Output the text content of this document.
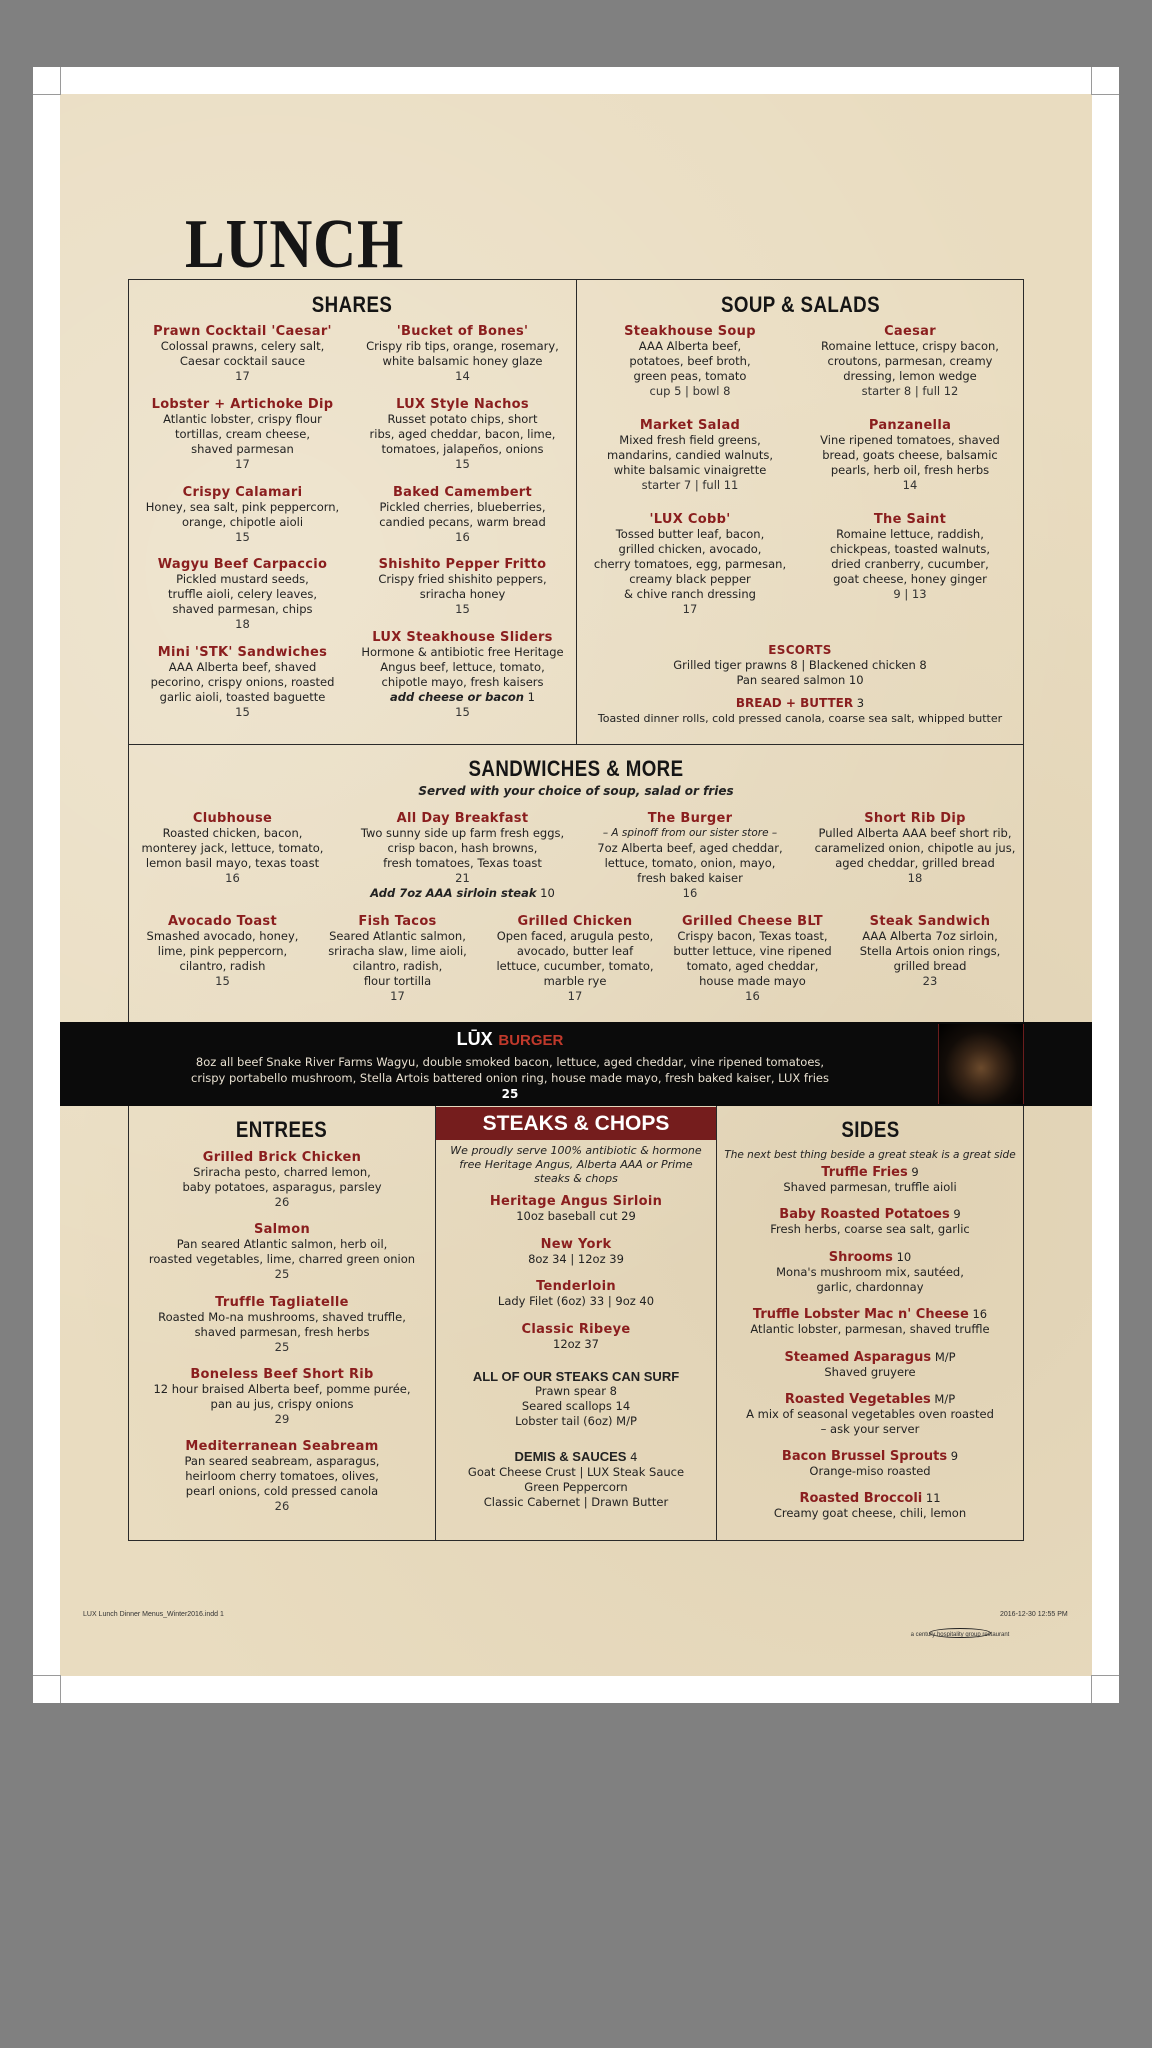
LUX Lunch Dinner Menus_Winter2016.indd 1	2016-12-30 12:55 PM
LUNCH
SHARES	SOUP & SALADS
Prawn Cocktail 'Caesar'
Colossal prawns, celery salt,
Caesar cocktail sauce
17
'Bucket of Bones'
Crispy rib tips, orange, rosemary,
white balsamic honey glaze
14
Lobster + Artichoke Dip
Atlantic lobster, crispy flour
tortillas, cream cheese,
shaved parmesan
17
LUX Style Nachos
Russet potato chips, short
ribs, aged cheddar, bacon, lime,
tomatoes, jalapeños, onions
15
Crispy Calamari
Honey, sea salt, pink peppercorn,
orange, chipotle aioli
15
Baked Camembert
Pickled cherries, blueberries,
candied pecans, warm bread
16
Wagyu Beef Carpaccio
Pickled mustard seeds,
truffle aioli, celery leaves,
shaved parmesan, chips
18
Shishito Pepper Fritto
Crispy fried shishito peppers,
sriracha honey
15
Mini 'STK' Sandwiches
AAA Alberta beef, shaved
pecorino, crispy onions, roasted
garlic aioli, toasted baguette
15
LUX Steakhouse Sliders
Hormone & antibiotic free Heritage
Angus beef, lettuce, tomato,
chipotle mayo, fresh kaisers
add cheese or bacon 1
15
Steakhouse Soup
AAA Alberta beef,
potatoes, beef broth,
green peas, tomato
cup 5 | bowl 8
Caesar
Romaine lettuce, crispy bacon,
croutons, parmesan, creamy
dressing, lemon wedge
starter 8 | full 12
Market Salad
Mixed fresh field greens,
mandarins, candied walnuts,
white balsamic vinaigrette
starter 7 | full 11
Panzanella
Vine ripened tomatoes, shaved
bread, goats cheese, balsamic
pearls, herb oil, fresh herbs
14
'LUX Cobb'
Tossed butter leaf, bacon,
grilled chicken, avocado,
cherry tomatoes, egg, parmesan,
creamy black pepper
& chive ranch dressing
17
The Saint
Romaine lettuce, raddish,
chickpeas, toasted walnuts,
dried cranberry, cucumber,
goat cheese, honey ginger
9 | 13
ESCORTS
Grilled tiger prawns 8 | Blackened chicken 8
Pan seared salmon 10
BREAD + BUTTER 3
Toasted dinner rolls, cold pressed canola, coarse sea salt, whipped butter
SANDWICHES & MORE
Served with your choice of soup, salad or fries
Clubhouse
Roasted chicken, bacon,
monterey jack, lettuce, tomato,
lemon basil mayo, texas toast
16
All Day Breakfast
Two sunny side up farm fresh eggs,
crisp bacon, hash browns,
fresh tomatoes, Texas toast
21
Add 7oz AAA sirloin steak 10
The Burger
– A spinoff from our sister store –
7oz Alberta beef, aged cheddar,
lettuce, tomato, onion, mayo,
fresh baked kaiser
16
Short Rib Dip
Pulled Alberta AAA beef short rib,
caramelized onion, chipotle au jus,
aged cheddar, grilled bread
18
Avocado Toast
Smashed avocado, honey,
lime, pink peppercorn,
cilantro, radish
15
Fish Tacos
Seared Atlantic salmon,
sriracha slaw, lime aioli,
cilantro, radish,
flour tortilla
17
Grilled Chicken
Open faced, arugula pesto,
avocado, butter leaf
lettuce, cucumber, tomato,
marble rye
17
Grilled Cheese BLT
Crispy bacon, Texas toast,
butter lettuce, vine ripened
tomato, aged cheddar,
house made mayo
16
Steak Sandwich
AAA Alberta 7oz sirloin,
Stella Artois onion rings,
grilled bread
23
LŪX BURGER
8oz all beef Snake River Farms Wagyu, double smoked bacon, lettuce, aged cheddar, vine ripened tomatoes,
crispy portabello mushroom, Stella Artois battered onion ring, house made mayo, fresh baked kaiser, LUX fries
25
ENTREES
Grilled Brick Chicken
Sriracha pesto, charred lemon,
baby potatoes, asparagus, parsley
26
Salmon
Pan seared Atlantic salmon, herb oil,
roasted vegetables, lime, charred green onion
25
Truffle Tagliatelle
Roasted Mo-na mushrooms, shaved truffle,
shaved parmesan, fresh herbs
25
Boneless Beef Short Rib
12 hour braised Alberta beef, pomme purée,
pan au jus, crispy onions
29
Mediterranean Seabream
Pan seared seabream, asparagus,
heirloom cherry tomatoes, olives,
pearl onions, cold pressed canola
26
STEAKS & CHOPS
We proudly serve 100% antibiotic & hormone
free Heritage Angus, Alberta AAA or Prime
steaks & chops
Heritage Angus Sirloin
10oz baseball cut 29
New York
8oz 34 | 12oz 39
Tenderloin
Lady Filet (6oz) 33 | 9oz 40
Classic Ribeye
12oz 37
ALL OF OUR STEAKS CAN SURF
Prawn spear 8
Seared scallops 14
Lobster tail (6oz) M/P
DEMIS & SAUCES 4
Goat Cheese Crust | LUX Steak Sauce
Green Peppercorn
Classic Cabernet | Drawn Butter
SIDES
The next best thing beside a great steak is a great side
Truffle Fries 9
Shaved parmesan, truffle aioli
Baby Roasted Potatoes 9
Fresh herbs, coarse sea salt, garlic
Shrooms 10
Mona's mushroom mix, sautéed,
garlic, chardonnay
Truffle Lobster Mac n' Cheese 16
Atlantic lobster, parmesan, shaved truffle
Steamed Asparagus M/P
Shaved gruyere
Roasted Vegetables M/P
A mix of seasonal vegetables oven roasted
– ask your server
Bacon Brussel Sprouts 9
Orange-miso roasted
Roasted Broccoli 11
Creamy goat cheese, chili, lemon
a century hospitality group restaurant
